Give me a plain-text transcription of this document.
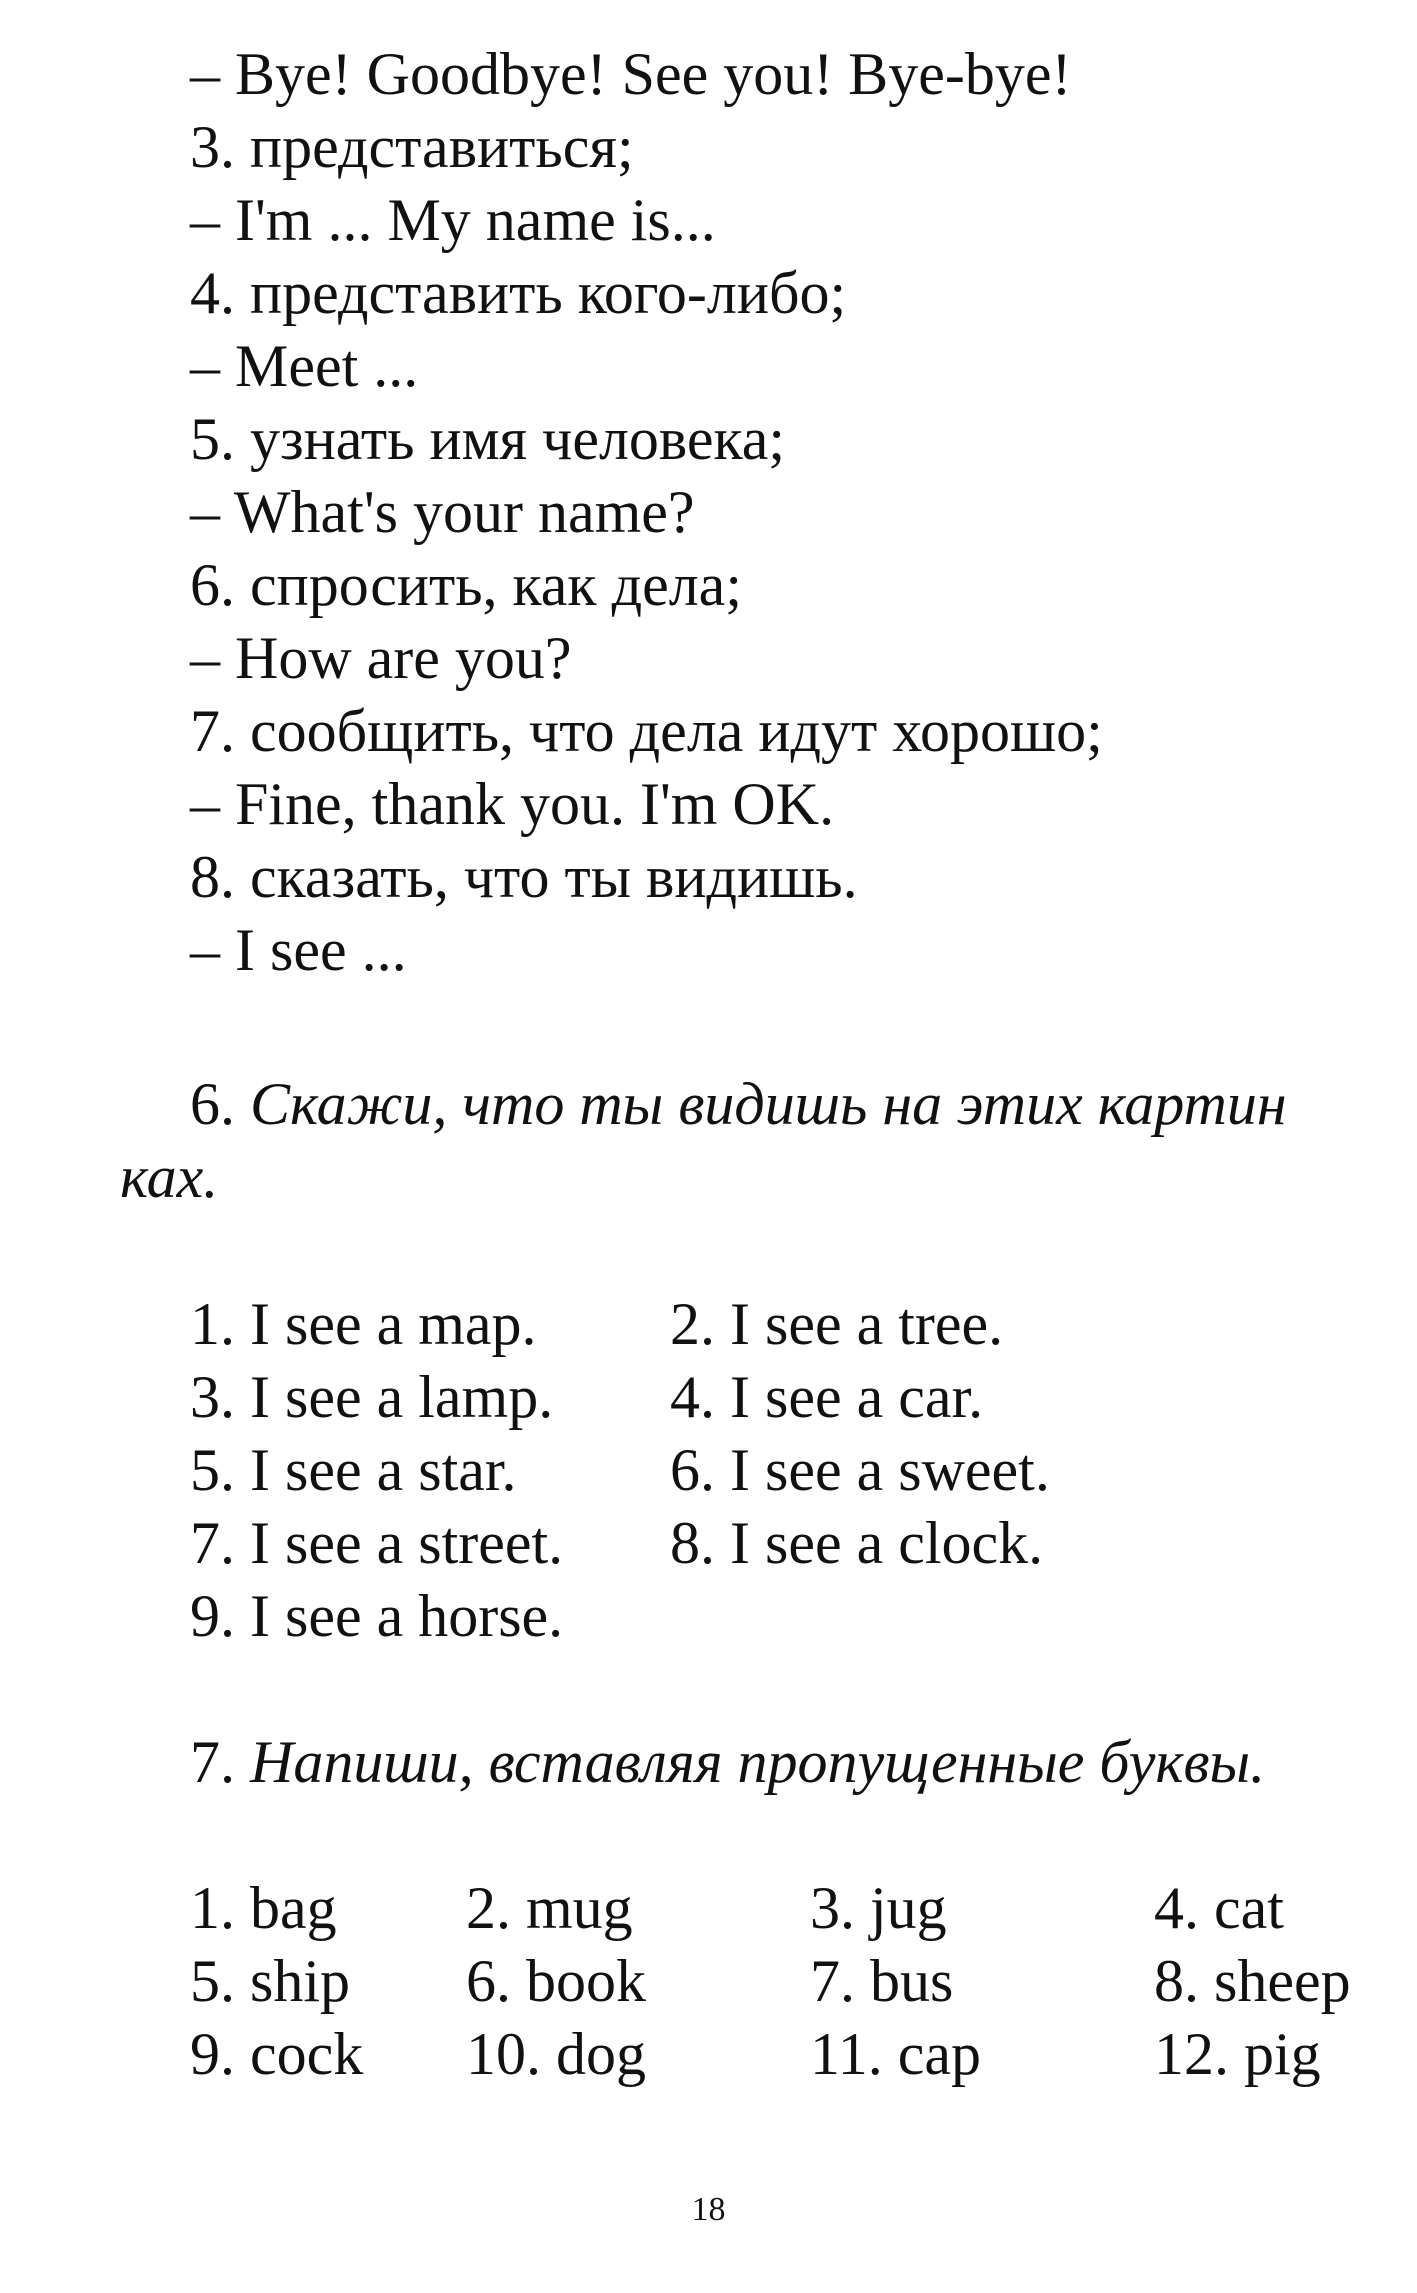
– Bye! Goodbye! See you! Bye-bye!
3. представиться;
– I'm ... My name is...
4. представить кого-либо;
– Meet ...
5. узнать имя человека;
– What's your name?
6. спросить, как дела;
– How are you?
7. сообщить, что дела идут хорошо;
– Fine, thank you. I'm OK.
8. сказать, что ты видишь.
– I see ...
6. Скажи, что ты видишь на этих картин
ках.
1. I see a map. 2. I see a tree.
3. I see a lamp. 4. I see a car.
5. I see a star.	6. I see a sweet.
7. I see a street. 8. I see a clock.
9. I see a horse.
7. Напиши, вставляя пропущенные буквы.
1. bag 2. mug	3. jug	4. cat
5. ship 6. book	7. bus	8. sheep
9. cock 10. dog	11. cap	12. pig
18
